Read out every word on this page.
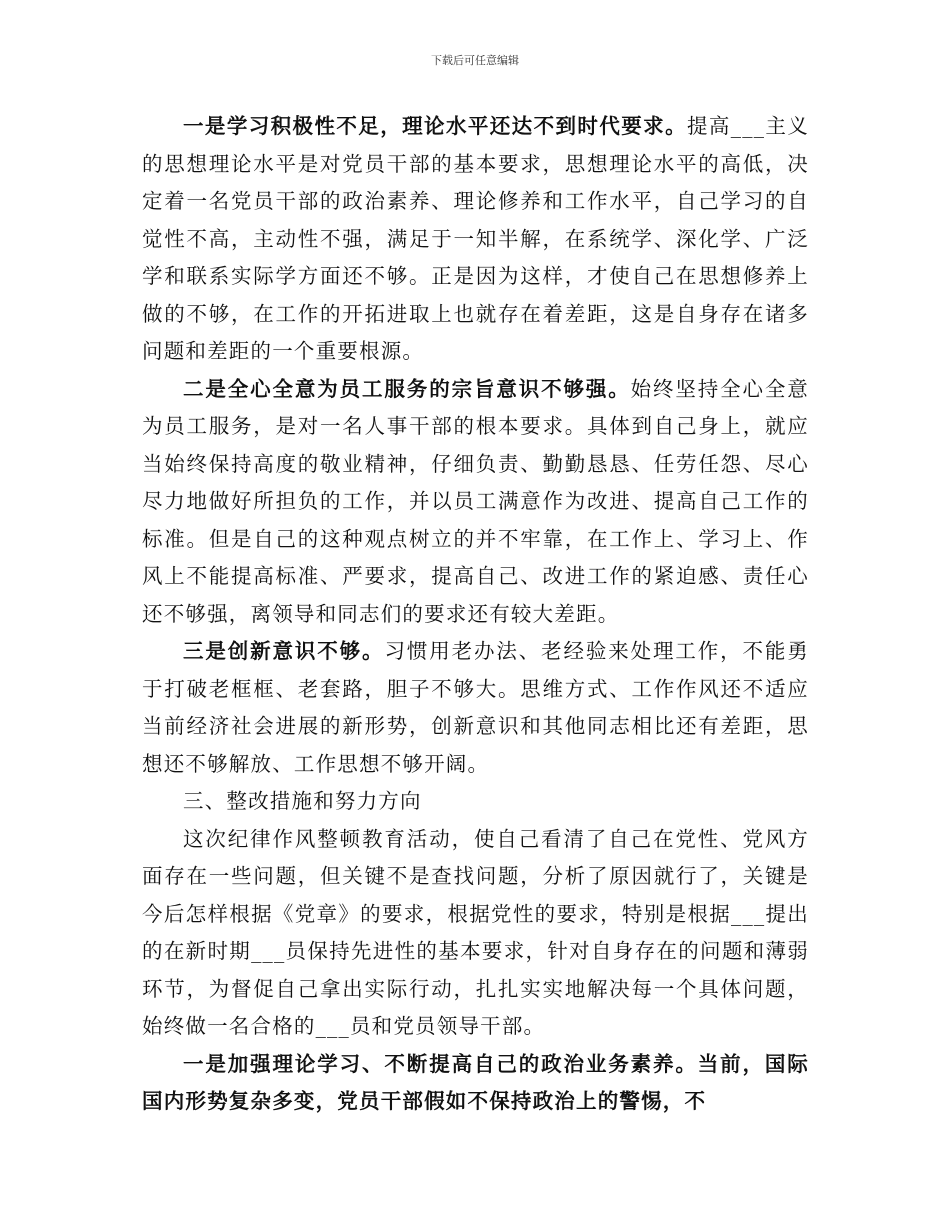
下载后可任意编辑

一是学习积极性不足，理论水平还达不到时代要求。提高___主义的思想理论水平是对党员干部的基本要求，思想理论水平的高低，决定着一名党员干部的政治素养、理论修养和工作水平，自己学习的自觉性不高，主动性不强，满足于一知半解，在系统学、深化学、广泛学和联系实际学方面还不够。正是因为这样，才使自己在思想修养上做的不够，在工作的开拓进取上也就存在着差距，这是自身存在诸多问题和差距的一个重要根源。

二是全心全意为员工服务的宗旨意识不够强。始终坚持全心全意为员工服务，是对一名人事干部的根本要求。具体到自己身上，就应当始终保持高度的敬业精神，仔细负责、勤勤恳恳、任劳任怨、尽心尽力地做好所担负的工作，并以员工满意作为改进、提高自己工作的标准。但是自己的这种观点树立的并不牢靠，在工作上、学习上、作风上不能提高标准、严要求，提高自己、改进工作的紧迫感、责任心还不够强，离领导和同志们的要求还有较大差距。

三是创新意识不够。习惯用老办法、老经验来处理工作，不能勇于打破老框框、老套路，胆子不够大。思维方式、工作作风还不适应当前经济社会进展的新形势，创新意识和其他同志相比还有差距，思想还不够解放、工作思想不够开阔。

三、整改措施和努力方向

这次纪律作风整顿教育活动，使自己看清了自己在党性、党风方面存在一些问题，但关键不是查找问题，分析了原因就行了，关键是今后怎样根据《党章》的要求，根据党性的要求，特别是根据___提出的在新时期___员保持先进性的基本要求，针对自身存在的问题和薄弱环节，为督促自己拿出实际行动，扎扎实实地解决每一个具体问题，始终做一名合格的___员和党员领导干部。

一是加强理论学习、不断提高自己的政治业务素养。当前，国际国内形势复杂多变，党员干部假如不保持政治上的警惕，不
